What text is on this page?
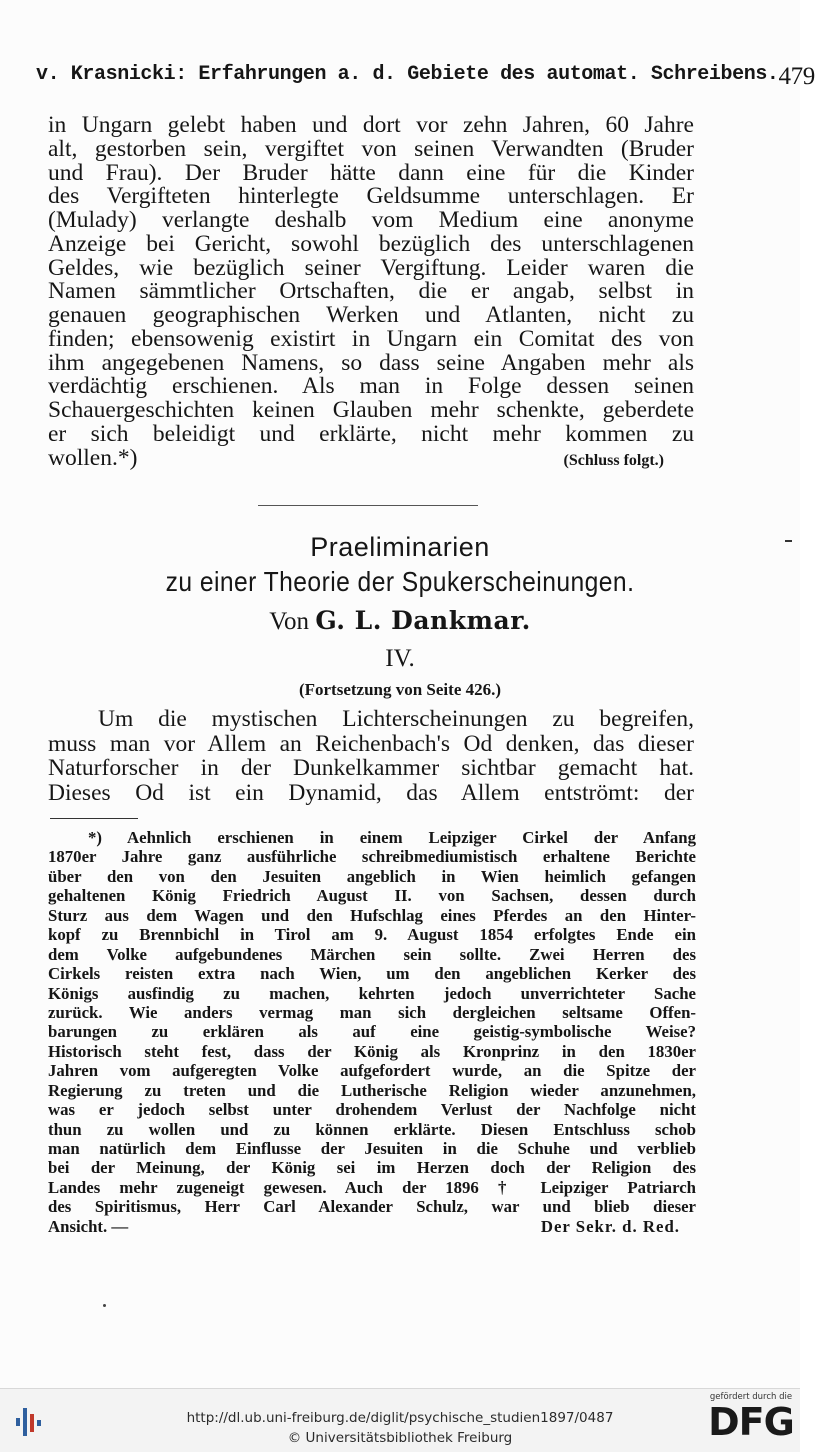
v. Krasnicki: Erfahrungen a. d. Gebiete des automat. Schreibens. 479
in Ungarn gelebt haben und dort vor zehn Jahren, 60 Jahre
alt, gestorben sein, vergiftet von seinen Verwandten (Bruder
und Frau). Der Bruder hätte dann eine für die Kinder
des Vergifteten hinterlegte Geldsumme unterschlagen. Er
(Mulady) verlangte deshalb vom Medium eine anonyme
Anzeige bei Gericht, sowohl bezüglich des unterschlagenen
Geldes, wie bezüglich seiner Vergiftung. Leider waren die
Namen sämmtlicher Ortschaften, die er angab, selbst in
genauen geographischen Werken und Atlanten, nicht zu
finden; ebensowenig existirt in Ungarn ein Comitat des von
ihm angegebenen Namens, so dass seine Angaben mehr als
verdächtig erschienen. Als man in Folge dessen seinen
Schauergeschichten keinen Glauben mehr schenkte, geberdete
er sich beleidigt und erklärte, nicht mehr kommen zu
wollen.*)	(Schluss folgt.)
Praeliminarien
zu einer Theorie der Spukerscheinungen.
Von G. L. Dankmar.
IV.
(Fortsetzung von Seite 426.)
Um die mystischen Lichterscheinungen zu begreifen,
muss man vor Allem an Reichenbach's Od denken, das dieser
Naturforscher in der Dunkelkammer sichtbar gemacht hat.
Dieses Od ist ein Dynamid, das Allem entströmt: der
*) Aehnlich erschienen in einem Leipziger Cirkel der Anfang
1870er Jahre ganz ausführliche schreibmediumistisch erhaltene Berichte
über den von den Jesuiten angeblich in Wien heimlich gefangen
gehaltenen König Friedrich August II. von Sachsen, dessen durch
Sturz aus dem Wagen und den Hufschlag eines Pferdes an den Hinter-
kopf zu Brennbichl in Tirol am 9. August 1854 erfolgtes Ende ein
dem Volke aufgebundenes Märchen sein sollte. Zwei Herren des
Cirkels reisten extra nach Wien, um den angeblichen Kerker des
Königs ausfindig zu machen, kehrten jedoch unverrichteter Sache
zurück. Wie anders vermag man sich dergleichen seltsame Offen-
barungen zu erklären als auf eine geistig-symbolische Weise?
Historisch steht fest, dass der König als Kronprinz in den 1830er
Jahren vom aufgeregten Volke aufgefordert wurde, an die Spitze der
Regierung zu treten und die Lutherische Religion wieder anzunehmen,
was er jedoch selbst unter drohendem Verlust der Nachfolge nicht
thun zu wollen und zu können erklärte. Diesen Entschluss schob
man natürlich dem Einflusse der Jesuiten in die Schuhe und verblieb
bei der Meinung, der König sei im Herzen doch der Religion des
Landes mehr zugeneigt gewesen. Auch der 1896 † Leipziger Patriarch
des Spiritismus, Herr Carl Alexander Schulz, war und blieb dieser
Ansicht. —	Der Sekr. d. Red.
http://dl.ub.uni-freiburg.de/diglit/psychische_studien1897/0487
© Universitätsbibliothek Freiburg
gefördert durch die
DFG
